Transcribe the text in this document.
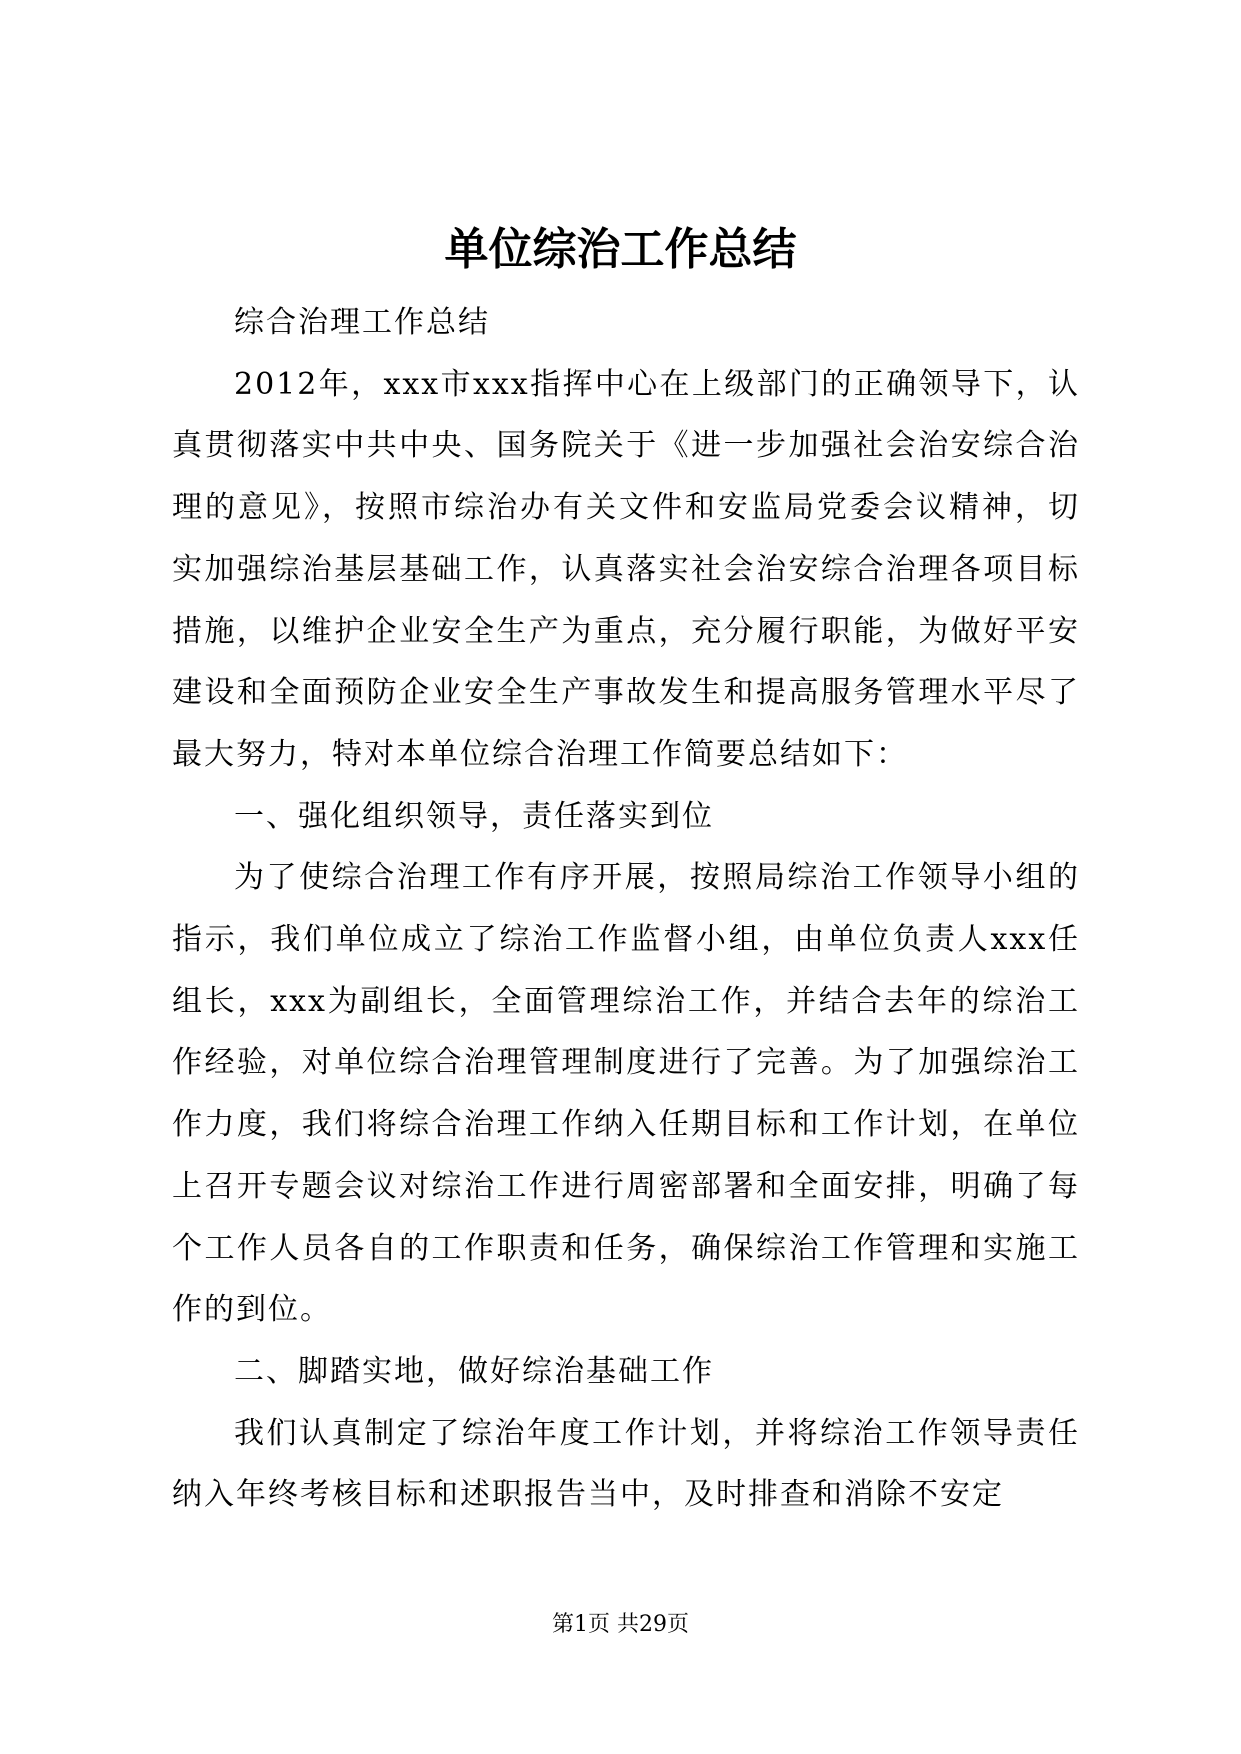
单位综治工作总结

综合治理工作总结

2012年，xxx市xxx指挥中心在上级部门的正确领导下，认真贯彻落实中共中央、国务院关于《进一步加强社会治安综合治理的意见》，按照市综治办有关文件和安监局党委会议精神，切实加强综治基层基础工作，认真落实社会治安综合治理各项目标措施，以维护企业安全生产为重点，充分履行职能，为做好平安建设和全面预防企业安全生产事故发生和提高服务管理水平尽了最大努力，特对本单位综合治理工作简要总结如下：

一、强化组织领导，责任落实到位

为了使综合治理工作有序开展，按照局综治工作领导小组的指示，我们单位成立了综治工作监督小组，由单位负责人xxx任组长，xxx为副组长，全面管理综治工作，并结合去年的综治工作经验，对单位综合治理管理制度进行了完善。为了加强综治工作力度，我们将综合治理工作纳入任期目标和工作计划，在单位上召开专题会议对综治工作进行周密部署和全面安排，明确了每个工作人员各自的工作职责和任务，确保综治工作管理和实施工作的到位。

二、脚踏实地，做好综治基础工作

我们认真制定了综治年度工作计划，并将综治工作领导责任纳入年终考核目标和述职报告当中，及时排查和消除不安定

第1页 共29页
